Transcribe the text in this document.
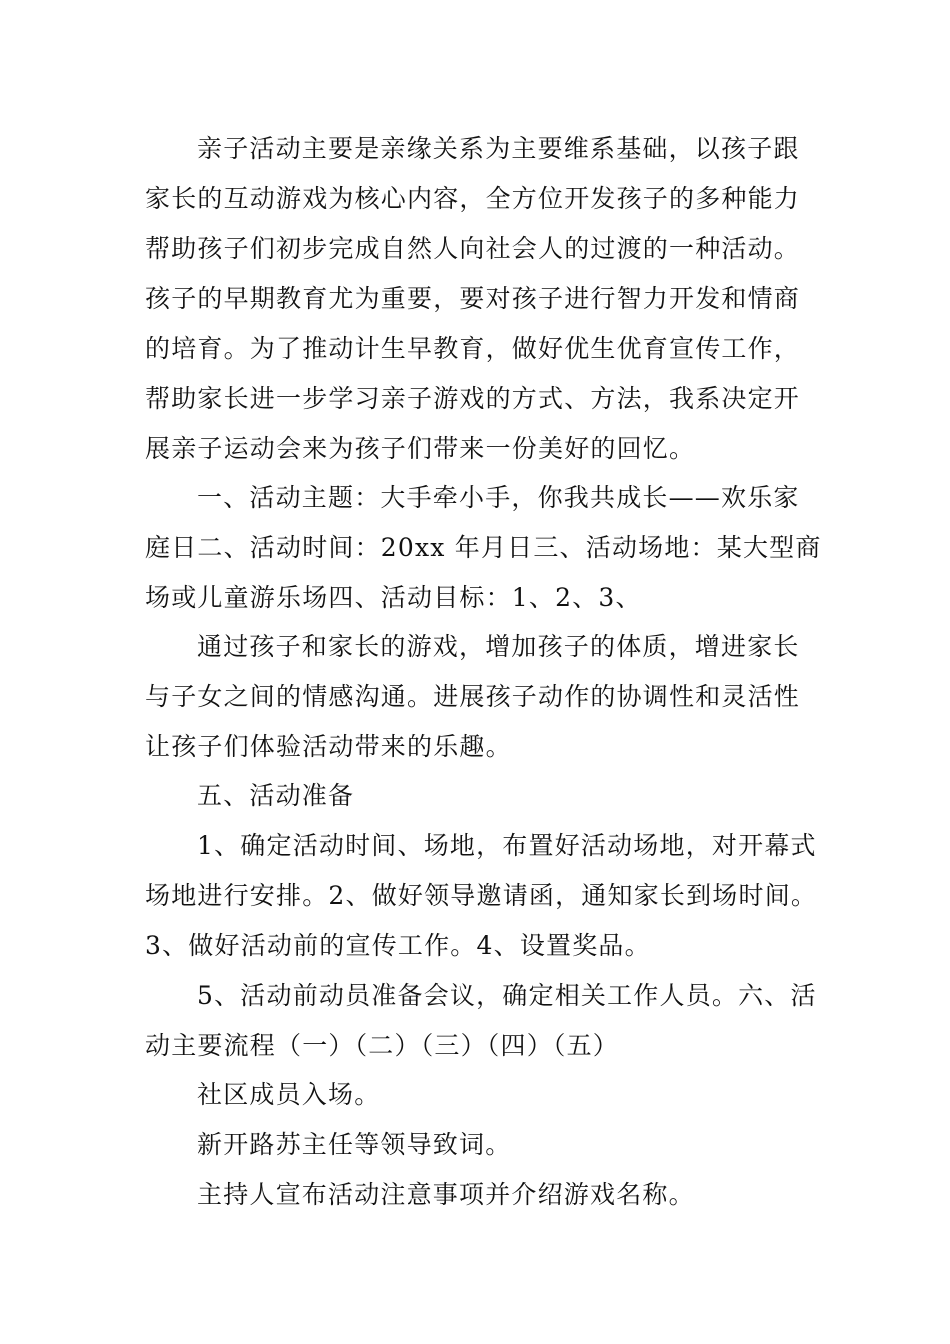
亲子活动主要是亲缘关系为主要维系基础，以孩子跟
家长的互动游戏为核心内容，全方位开发孩子的多种能力
帮助孩子们初步完成自然人向社会人的过渡的一种活动。
孩子的早期教育尤为重要，要对孩子进行智力开发和情商
的培育。为了推动计生早教育，做好优生优育宣传工作，
帮助家长进一步学习亲子游戏的方式、方法，我系决定开
展亲子运动会来为孩子们带来一份美好的回忆。
一、活动主题：大手牵小手，你我共成长——欢乐家
庭日二、活动时间：20xx 年月日三、活动场地：某大型商
场或儿童游乐场四、活动目标：1、2、3、
通过孩子和家长的游戏，增加孩子的体质，增进家长
与子女之间的情感沟通。进展孩子动作的协调性和灵活性
让孩子们体验活动带来的乐趣。
五、活动准备
1、确定活动时间、场地，布置好活动场地，对开幕式
场地进行安排。2、做好领导邀请函，通知家长到场时间。
3、做好活动前的宣传工作。4、设置奖品。
5、活动前动员准备会议，确定相关工作人员。六、活
动主要流程（一）（二）（三）（四）（五）
社区成员入场。
新开路苏主任等领导致词。
主持人宣布活动注意事项并介绍游戏名称。
